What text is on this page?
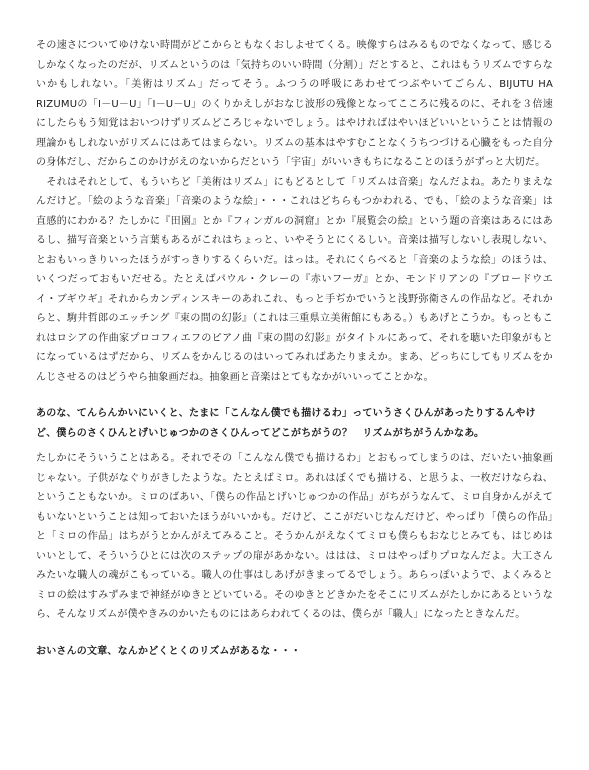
その速さについてゆけない時間がどこからともなくおしよせてくる。映像すらはみるものでなくなって、感じるしかなくなったのだが、リズムというのは「気持ちのいい時間（分割）」だとすると、これはもうリズムですらないかもしれない。「美術はリズム」だってそう。ふつうの呼吸にあわせてつぶやいてごらん、BIJUTU HA RIZUMUの「I－U－U」「I－U－U」のくりかえしがおなじ波形の残像となってこころに残るのに、それを３倍速にしたらもう知覚はおいつけずリズムどころじゃないでしょう。はやければはやいほどいいということは情報の理論かもしれないがリズムにはあてはまらない。リズムの基本はやすむことなくうちつづける心臓をもった自分の身体だし、だからこのかけがえのないからだという「宇宙」がいいきもちになることのほうがずっと大切だ。

　それはそれとして、もういちど「美術はリズム」にもどるとして「リズムは音楽」なんだよね。あたりまえなんだけど。「絵のような音楽」「音楽のような絵」・・・これはどちらもつかわれる、でも、「絵のような音楽」は直感的にわかる？たしかに『田園』とか『フィンガルの洞窟』とか『展覧会の絵』という題の音楽はあるにはあるし、描写音楽という言葉もあるがこれはちょっと、いやそうとにくるしい。音楽は描写しないし表現しない、とおもいっきりいったほうがすっきりするくらいだ。はっは。それにくらべると「音楽のような絵」のほうは、いくつだっておもいだせる。たとえばパウル・クレーの『赤いフーガ』とか、モンドリアンの『ブロードウエイ・ブギウギ』それからカンディンスキーのあれこれ、もっと手ぢかでいうと浅野弥衛さんの作品など。それからと、駒井哲郎のエッチング『束の間の幻影』（これは三重県立美術館にもある。）もあげとこうか。もっともこれはロシアの作曲家プロコフィエフのピアノ曲『束の間の幻影』がタイトルにあって、それを聴いた印象がもとになっているはずだから、リズムをかんじるのはいってみればあたりまえか。まあ、どっちにしてもリズムをかんじさせるのはどうやら抽象画だね。抽象画と音楽はとてもなかがいいってことかな。

あのな、てんらんかいにいくと、たまに「こんなん僕でも描けるわ」っていうさくひんがあったりするんやけど、僕らのさくひんとげいじゅつかのさくひんってどこがちがうの？　リズムがちがうんかなあ。

たしかにそういうことはある。それでその「こんなん僕でも描けるわ」とおもってしまうのは、だいたい抽象画じゃない。子供がなぐりがきしたような。たとえばミロ。あれはぼくでも描ける、と思うよ、一枚だけならね、ということもないか。ミロのばあい、「僕らの作品とげいじゅつかの作品」がちがうなんて、ミロ自身かんがえてもいないということは知っておいたほうがいいかも。だけど、ここがだいじなんだけど、やっぱり「僕らの作品」と「ミロの作品」はちがうとかんがえてみること。そうかんがえなくてミロも僕らもおなじとみても、はじめはいいとして、そういうひとには次のステップの扉があかない。ははは、ミロはやっぱりプロなんだよ。大工さんみたいな職人の魂がこもっている。職人の仕事はしあげがきまってるでしょう。あらっぽいようで、よくみるとミロの絵はすみずみまで神経がゆきとどいている。そのゆきとどきかたをそこにリズムがたしかにあるというなら、そんなリズムが僕やきみのかいたものにはあらわれてくるのは、僕らが「職人」になったときなんだ。

おいさんの文章、なんかどくとくのリズムがあるな・・・
